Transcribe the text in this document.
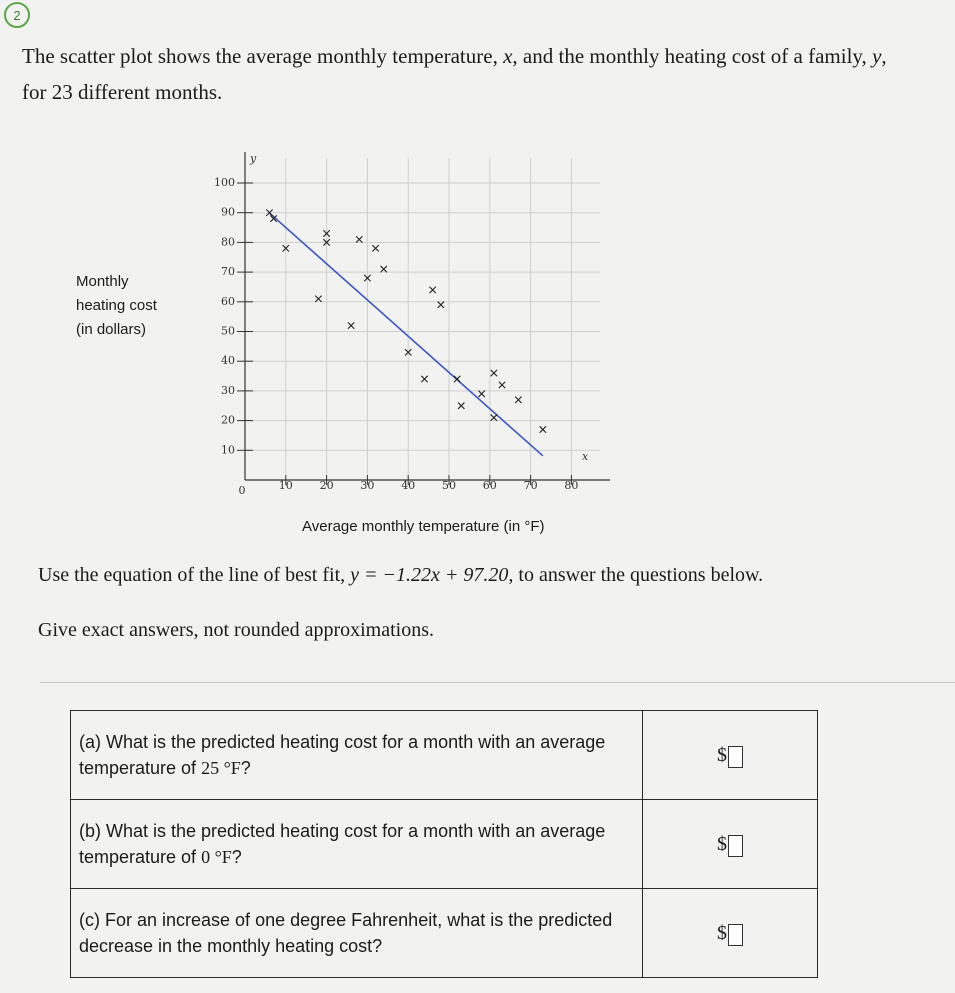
2

The scatter plot shows the average monthly temperature, x, and the monthly heating cost of a family, y,
for 23 different months.

Monthly
heating cost
(in dollars)
10
20
30
40
50
60
70
80
90
100
10 20 30 40 50 60 70 80
0
y
x
Average monthly temperature (in °F)

Use the equation of the line of best fit, y = −1.22x + 97.20, to answer the questions below.

Give exact answers, not rounded approximations.

(a) What is the predicted heating cost for a month with an average temperature of 25 °F?	$

(b) What is the predicted heating cost for a month with an average temperature of 0 °F?	$

(c) For an increase of one degree Fahrenheit, what is the predicted decrease in the monthly heating cost?	$
